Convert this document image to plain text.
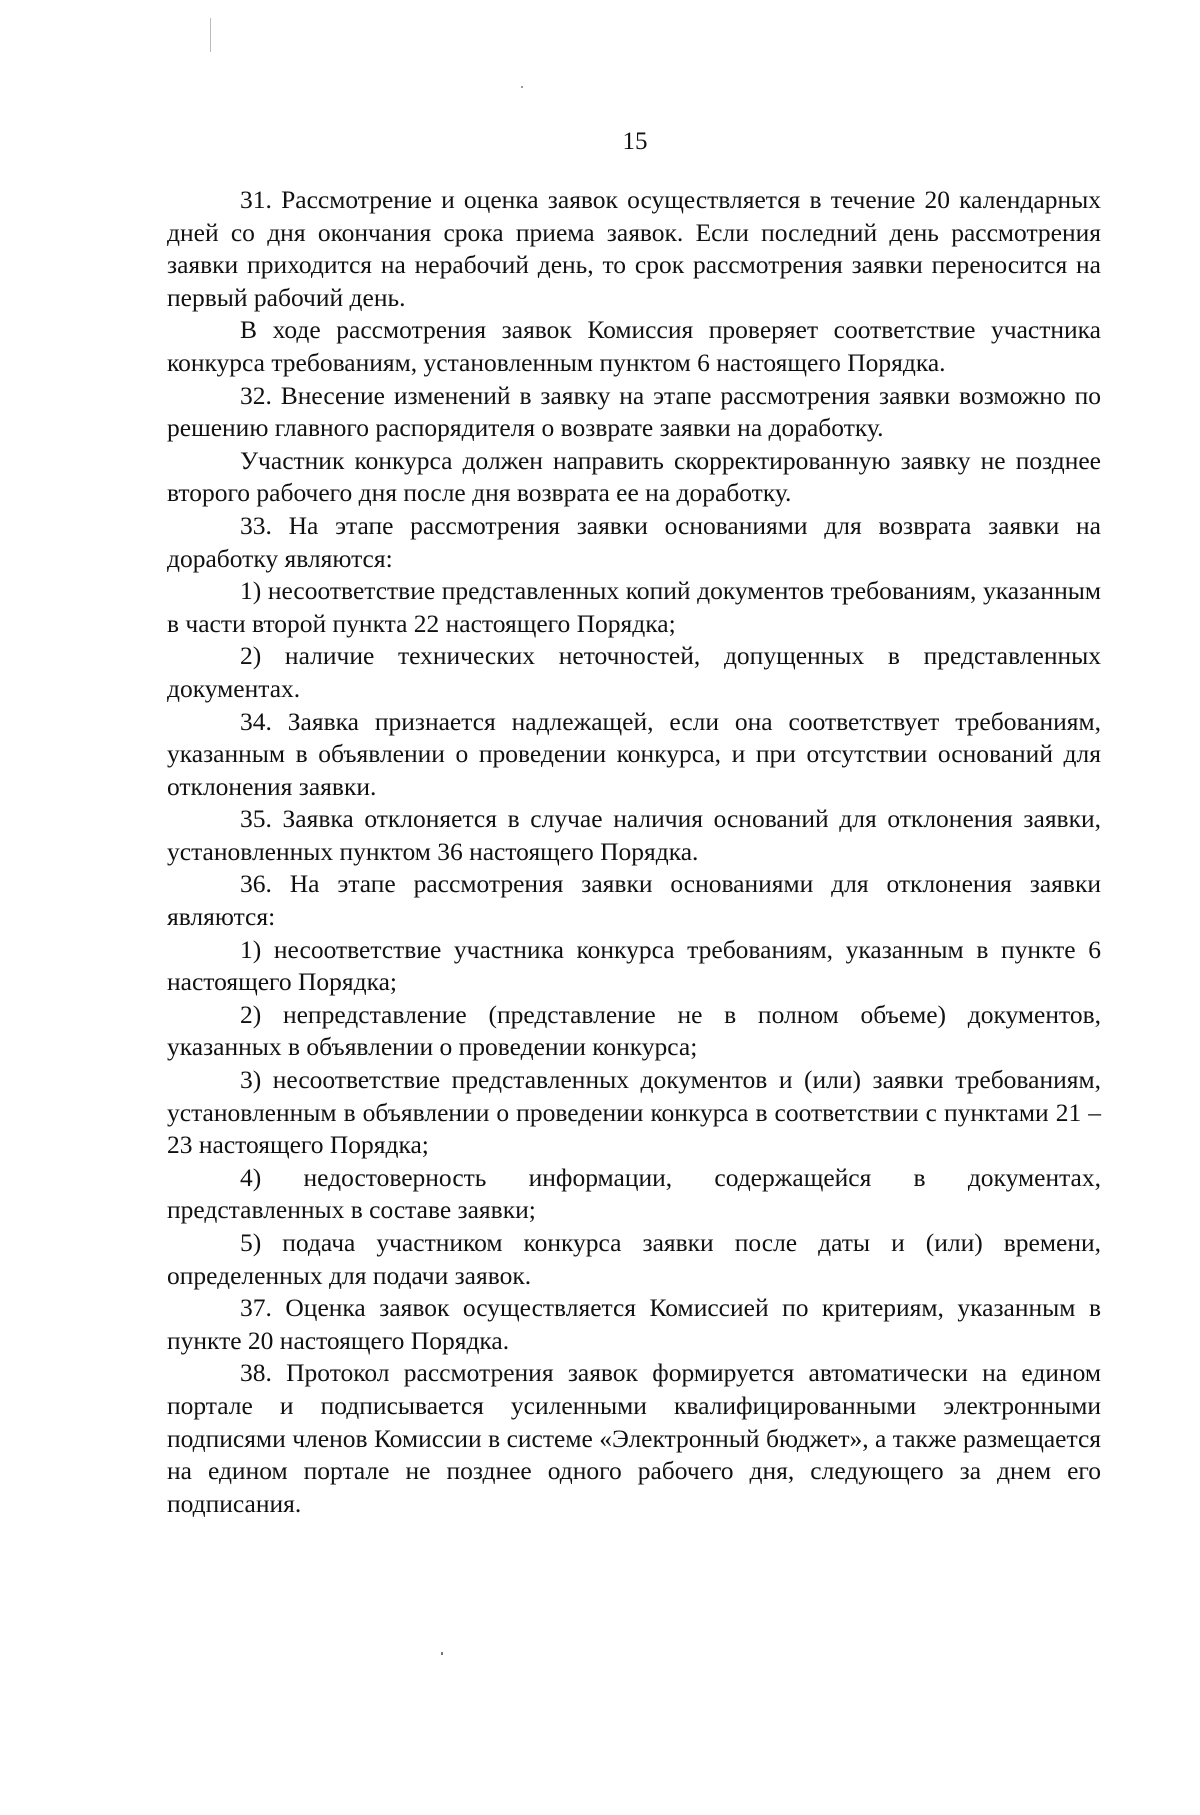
15

31. Рассмотрение и оценка заявок осуществляется в течение 20 календарных дней со дня окончания срока приема заявок. Если последний день рассмотрения заявки приходится на нерабочий день, то срок рассмотрения заявки переносится на первый рабочий день.

В ходе рассмотрения заявок Комиссия проверяет соответствие участника конкурса требованиям, установленным пунктом 6 настоящего Порядка.

32. Внесение изменений в заявку на этапе рассмотрения заявки возможно по решению главного распорядителя о возврате заявки на доработку.

Участник конкурса должен направить скорректированную заявку не позднее второго рабочего дня после дня возврата ее на доработку.

33. На этапе рассмотрения заявки основаниями для возврата заявки на доработку являются:

1) несоответствие представленных копий документов требованиям, указанным в части второй пункта 22 настоящего Порядка;

2) наличие технических неточностей, допущенных в представленных документах.

34. Заявка признается надлежащей, если она соответствует требованиям, указанным в объявлении о проведении конкурса, и при отсутствии оснований для отклонения заявки.

35. Заявка отклоняется в случае наличия оснований для отклонения заявки, установленных пунктом 36 настоящего Порядка.

36. На этапе рассмотрения заявки основаниями для отклонения заявки являются:

1) несоответствие участника конкурса требованиям, указанным в пункте 6 настоящего Порядка;

2) непредставление (представление не в полном объеме) документов, указанных в объявлении о проведении конкурса;

3) несоответствие представленных документов и (или) заявки требованиям, установленным в объявлении о проведении конкурса в соответствии с пунктами 21 – 23 настоящего Порядка;

4) недостоверность информации, содержащейся в документах, представленных в составе заявки;

5) подача участником конкурса заявки после даты и (или) времени, определенных для подачи заявок.

37. Оценка заявок осуществляется Комиссией по критериям, указанным в пункте 20 настоящего Порядка.

38. Протокол рассмотрения заявок формируется автоматически на едином портале и подписывается усиленными квалифицированными электронными подписями членов Комиссии в системе «Электронный бюджет», а также размещается на едином портале не позднее одного рабочего дня, следующего за днем его подписания.
